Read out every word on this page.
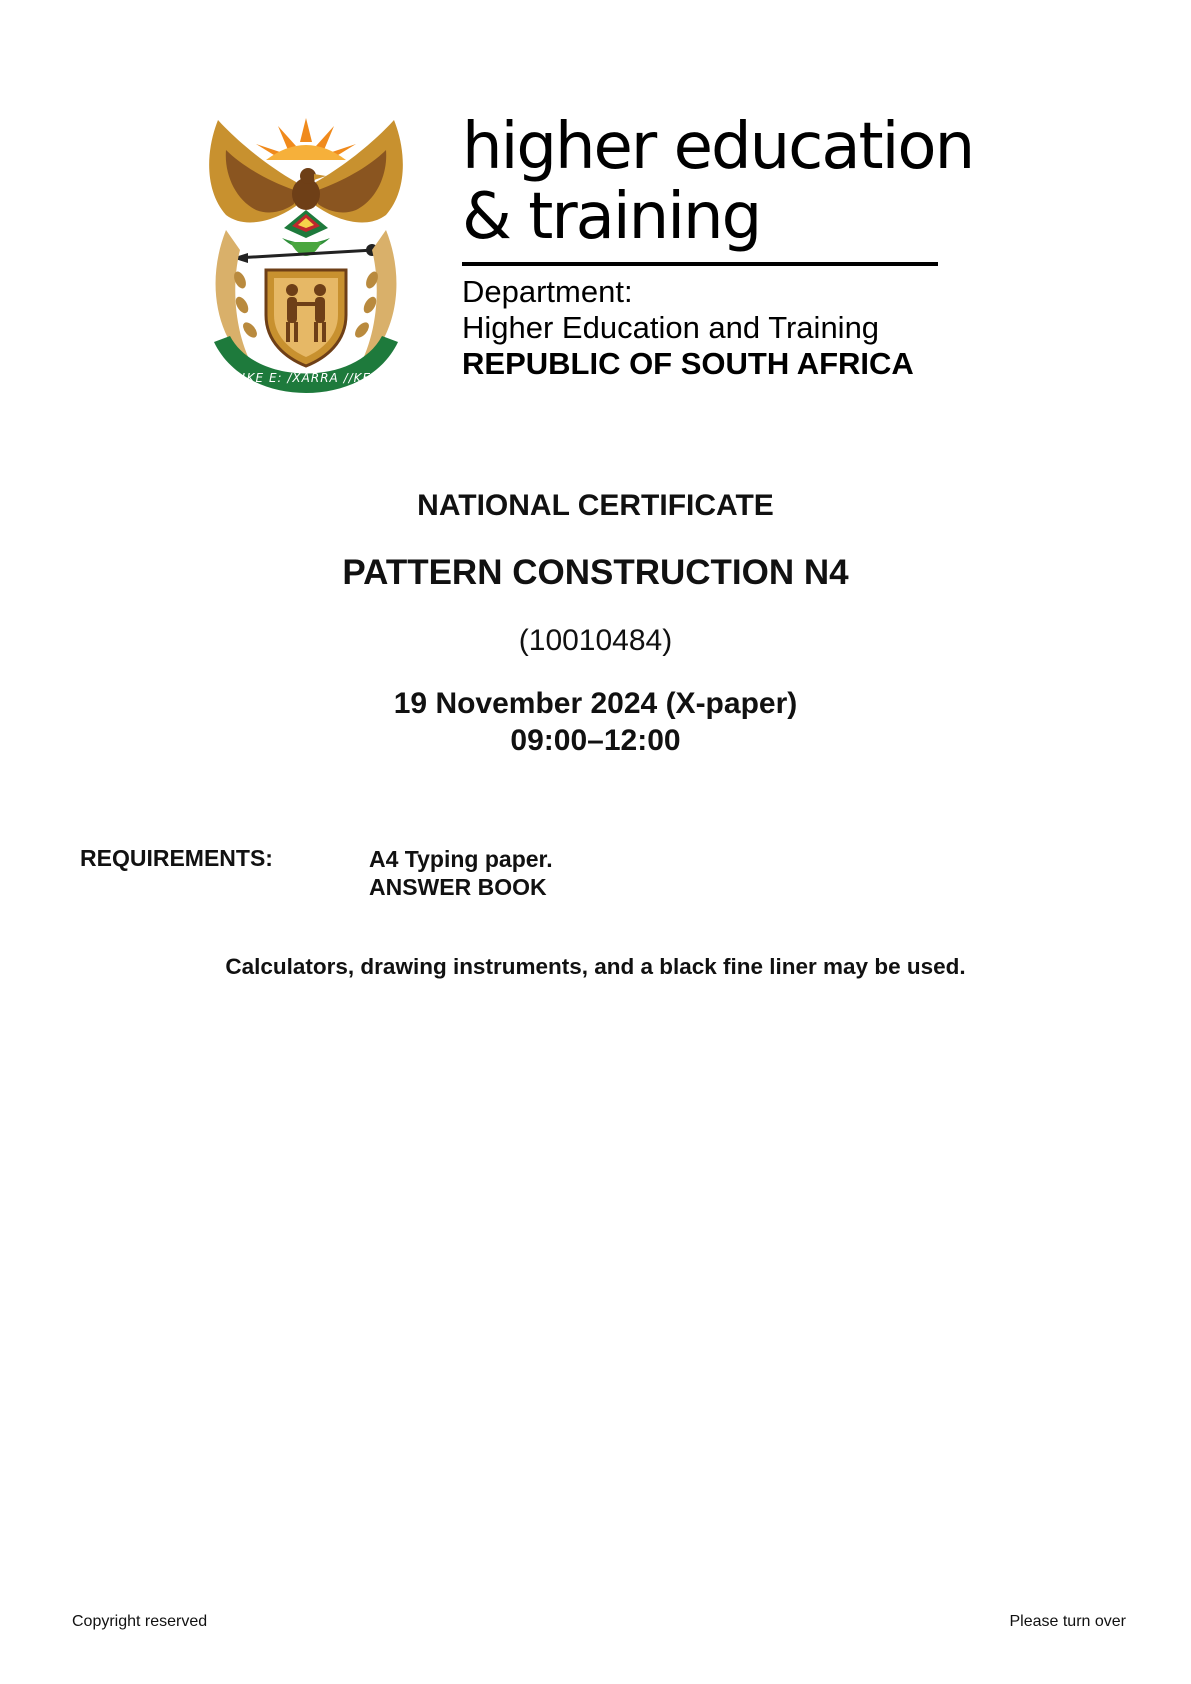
!KE E: /XARRA //KE
higher education
& training
Department:
Higher Education and Training
REPUBLIC OF SOUTH AFRICA
NATIONAL CERTIFICATE
PATTERN CONSTRUCTION N4
(10010484)
19 November 2024 (X-paper)
09:00–12:00
REQUIREMENTS:	A4 Typing paper.
ANSWER BOOK
Calculators, drawing instruments, and a black fine liner may be used.
Copyright reserved	Please turn over
